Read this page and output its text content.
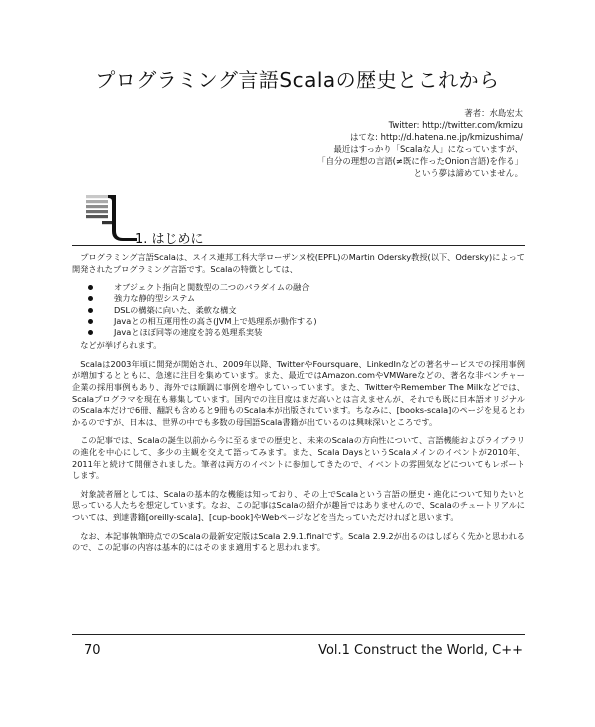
プログラミング言語Scalaの歴史とこれから
著者：水島宏太
Twitter: http://twitter.com/kmizu
はてな: http://d.hatena.ne.jp/kmizushima/
最近はすっかり「Scalaな人」になっていますが、
「自分の理想の言語(≠既に作ったOnion言語)を作る」
という夢は諦めていません。
1. はじめに

プログラミング言語Scalaは、スイス連邦工科大学ローザンヌ校(EPFL)のMartin Odersky教授(以下、Odersky)によって開発されたプログラミング言語です。Scalaの特徴としては、

オブジェクト指向と関数型の二つのパラダイムの融合
強力な静的型システム
DSLの構築に向いた、柔軟な構文
Javaとの相互運用性の高さ(JVM上で処理系が動作する)
Javaとほぼ同等の速度を誇る処理系実装

などが挙げられます。

Scalaは2003年頃に開発が開始され、2009年以降、TwitterやFoursquare、LinkedInなどの著名サービスでの採用事例が増加するとともに、急速に注目を集めています。また、最近ではAmazon.comやVMWareなどの、著名な非ベンチャー企業の採用事例もあり、海外では順調に事例を増やしていっています。また、TwitterやRemember The Milkなどでは、Scalaプログラマを現在も募集しています。国内での注目度はまだ高いとは言えませんが、それでも既に日本語オリジナルのScala本だけで6冊、翻訳も含めると9冊ものScala本が出版されています。ちなみに、[books-scala]のページを見るとわかるのですが、日本は、世界の中でも多数の母国語Scala書籍が出ているのは興味深いところです。

この記事では、Scalaの誕生以前から今に至るまでの歴史と、未来のScalaの方向性について、言語機能およびライブラリの進化を中心にして、多少の主観を交えて語ってみます。また、Scala DaysというScalaメインのイベントが2010年、2011年と続けて開催されました。筆者は両方のイベントに参加してきたので、イベントの雰囲気などについてもレポートします。

対象読者層としては、Scalaの基本的な機能は知っており、その上でScalaという言語の歴史・進化について知りたいと思っている人たちを想定しています。なお、この記事はScalaの紹介が趣旨ではありませんので、Scalaのチュートリアルについては、到達書籍[oreilly-scala]、[cup-book]やWebページなどを当たっていただければと思います。

なお、本記事執筆時点でのScalaの最新安定版はScala 2.9.1.finalです。Scala 2.9.2が出るのはしばらく先かと思われるので、この記事の内容は基本的にはそのまま適用すると思われます。

70	Vol.1 Construct the World, C++
